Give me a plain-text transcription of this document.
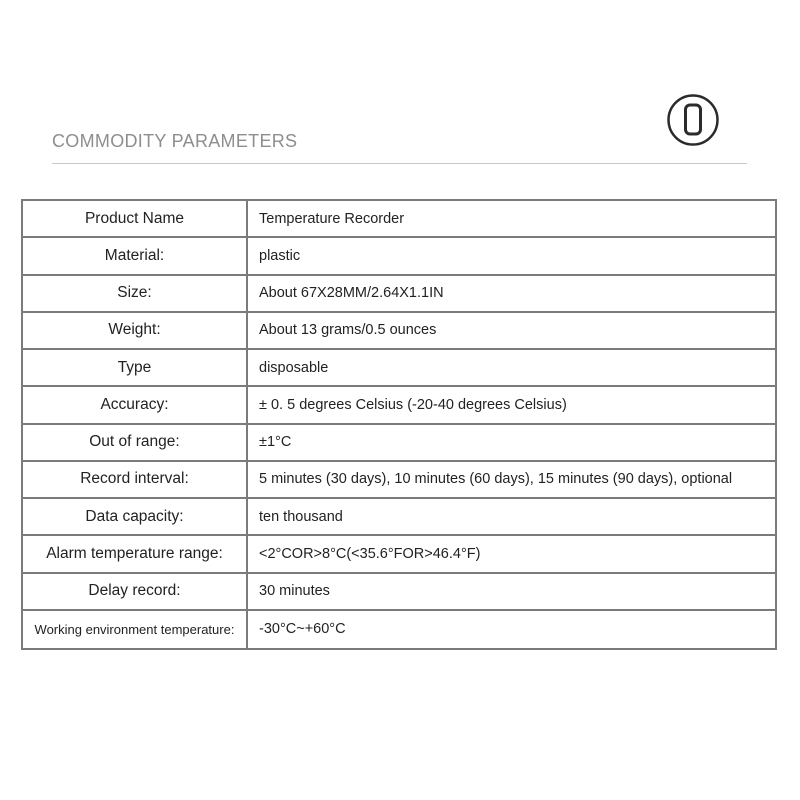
COMMODITY PARAMETERS
Product Name	Temperature Recorder
Material:	plastic
Size:	About 67X28MM/2.64X1.1IN
Weight:	About 13 grams/0.5 ounces
Type	disposable
Accuracy:	± 0. 5 degrees Celsius (-20-40 degrees Celsius)
Out of range:	±1°C
Record interval:	5 minutes (30 days), 10 minutes (60 days), 15 minutes (90 days), optional
Data capacity:	ten thousand
Alarm temperature range:	<2°COR>8°C(<35.6°FOR>46.4°F)
Delay record:	30 minutes
Working environment temperature:	-30°C~+60°C
